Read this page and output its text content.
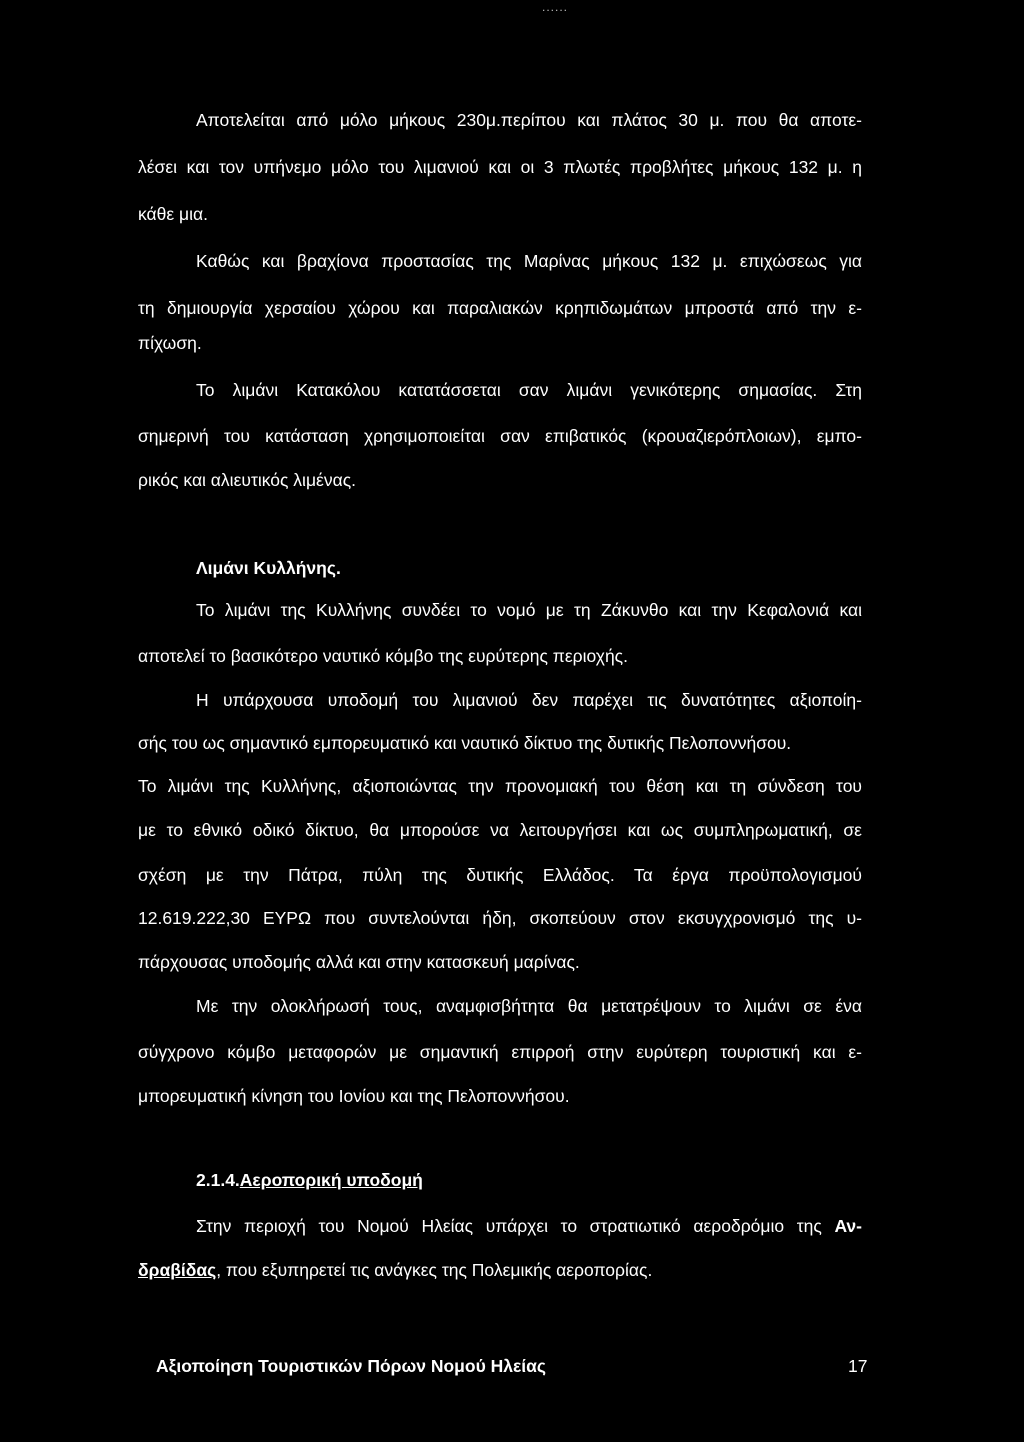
......
Αποτελείται από μόλο μήκους 230μ.περίπου και πλάτος 30 μ. που θα αποτε-
λέσει και τον υπήνεμο μόλο του λιμανιού και οι 3 πλωτές προβλήτες μήκους 132 μ. η
κάθε μια.
Καθώς και βραχίονα προστασίας της Μαρίνας μήκους 132 μ. επιχώσεως για
τη δημιουργία χερσαίου χώρου και παραλιακών κρηπιδωμάτων μπροστά από την ε-
πίχωση.
Το λιμάνι Κατακόλου κατατάσσεται σαν λιμάνι γενικότερης σημασίας. Στη
σημερινή του κατάσταση χρησιμοποιείται σαν επιβατικός (κρουαζιερόπλοιων), εμπο-
ρικός και αλιευτικός λιμένας.
Λιμάνι Κυλλήνης.
Το λιμάνι της Κυλλήνης συνδέει το νομό με τη Ζάκυνθο και την Κεφαλονιά και
αποτελεί το βασικότερο ναυτικό κόμβο της ευρύτερης περιοχής.
Η υπάρχουσα υποδομή του λιμανιού δεν παρέχει τις δυνατότητες αξιοποίη-
σής του ως σημαντικό εμπορευματικό και ναυτικό δίκτυο της δυτικής Πελοποννήσου.
Το λιμάνι της Κυλλήνης, αξιοποιώντας την προνομιακή του θέση και τη σύνδεση του
με το εθνικό οδικό δίκτυο, θα μπορούσε να λειτουργήσει και ως συμπληρωματική, σε
σχέση με την Πάτρα, πύλη της δυτικής Ελλάδος. Τα έργα προϋπολογισμού
12.619.222,30 ΕΥΡΩ που συντελούνται ήδη, σκοπεύουν στον εκσυγχρονισμό της υ-
πάρχουσας υποδομής αλλά και στην κατασκευή μαρίνας.
Με την ολοκλήρωσή τους, αναμφισβήτητα θα μετατρέψουν το λιμάνι σε ένα
σύγχρονο κόμβο μεταφορών με σημαντική επιρροή στην ευρύτερη τουριστική και ε-
μπορευματική κίνηση του Ιονίου και της Πελοποννήσου.
2.1.4.Αεροπορική υποδομή
Στην περιοχή του Νομού Ηλείας υπάρχει το στρατιωτικό αεροδρόμιο της Αν-
δραβίδας, που εξυπηρετεί τις ανάγκες της Πολεμικής αεροπορίας.
Αξιοποίηση Τουριστικών Πόρων Νομού Ηλείας	17
